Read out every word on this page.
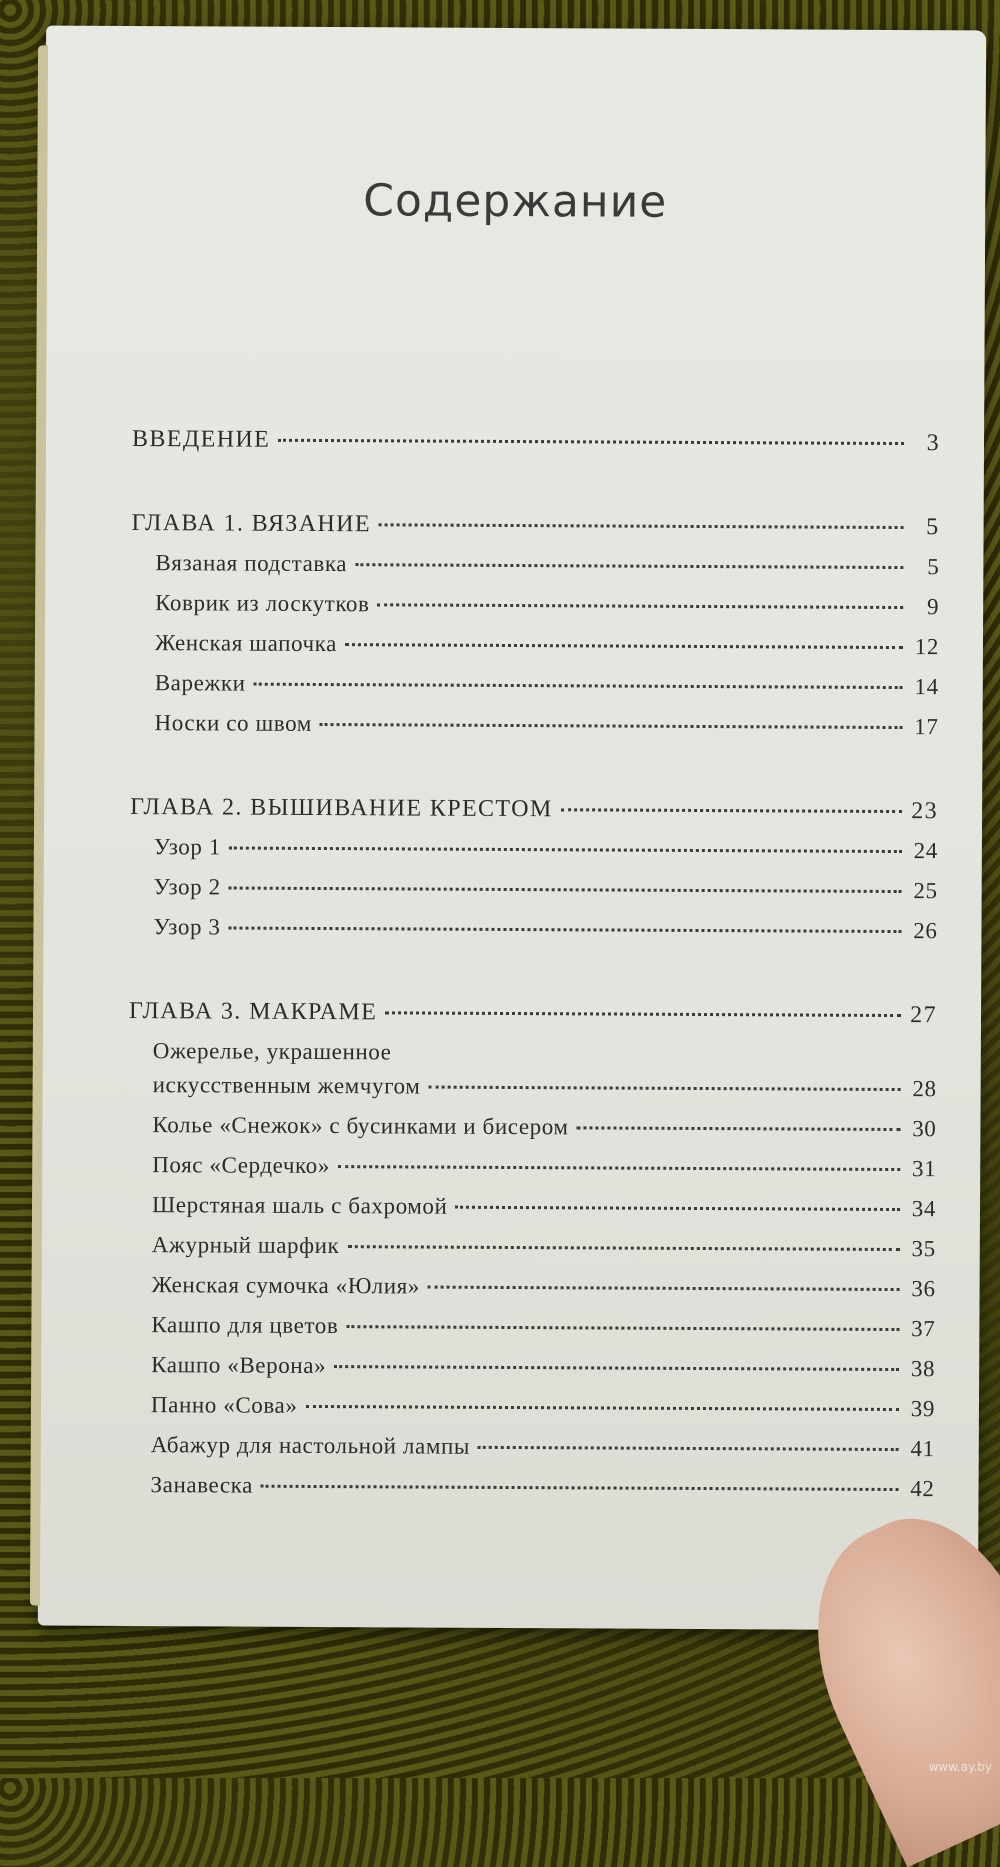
Содержание
ВВЕДЕНИЕ	3
ГЛАВА 1. ВЯЗАНИЕ	5
Вязаная подставка	5
Коврик из лоскутков	9
Женская шапочка	12
Варежки	14
Носки со швом	17
ГЛАВА 2. ВЫШИВАНИЕ КРЕСТОМ	23
Узор 1	24
Узор 2	25
Узор 3	26
ГЛАВА 3. МАКРАМЕ	27
Ожерелье, украшенное
искусственным жемчугом	28
Колье «Снежок» с бусинками и бисером	30
Пояс «Сердечко»	31
Шерстяная шаль с бахромой	34
Ажурный шарфик	35
Женская сумочка «Юлия»	36
Кашпо для цветов	37
Кашпо «Верона»	38
Панно «Сова»	39
Абажур для настольной лампы	41
Занавеска	42
www.ay.by
